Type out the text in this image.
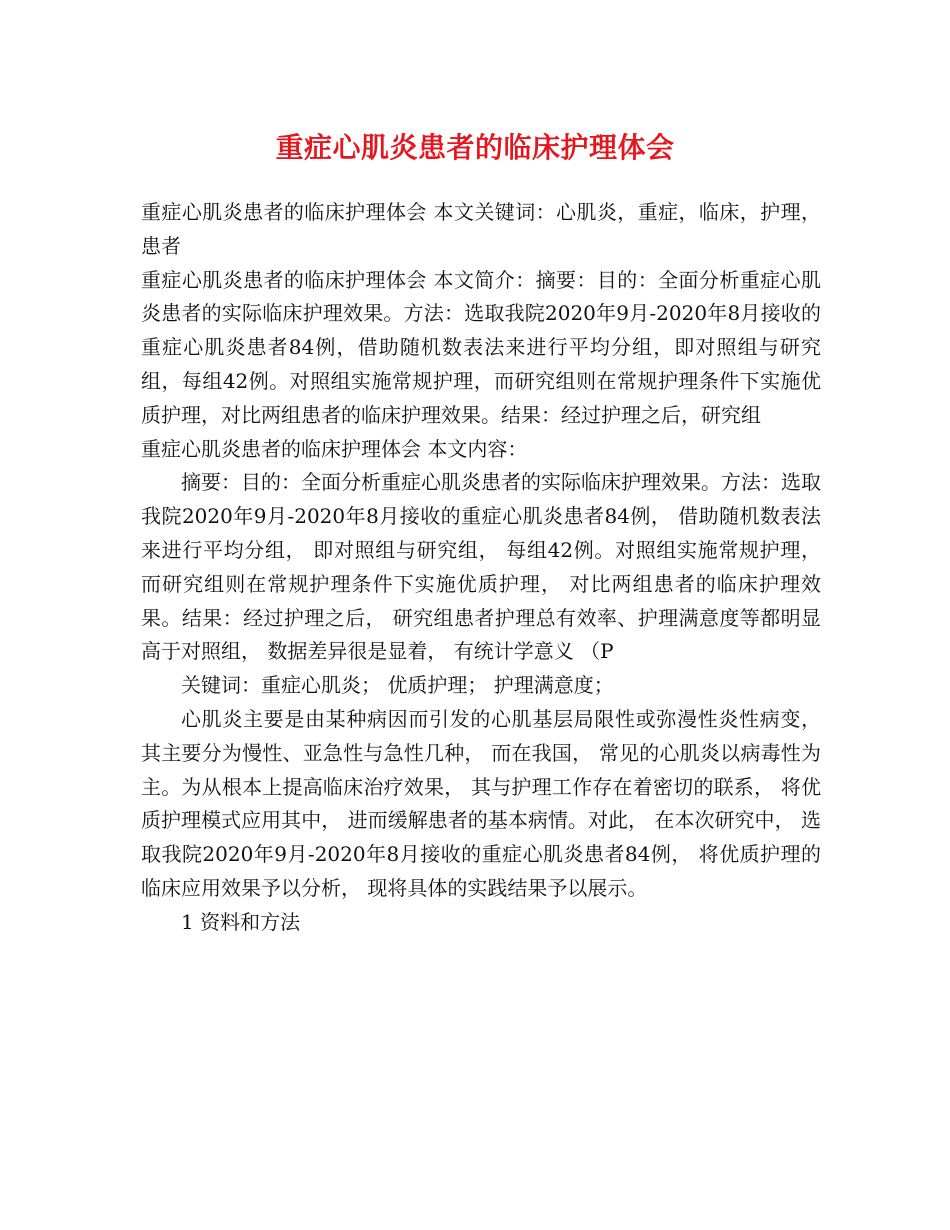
重症心肌炎患者的临床护理体会

重症心肌炎患者的临床护理体会 本文关键词：心肌炎，重症，临床，护理，患者

重症心肌炎患者的临床护理体会 本文简介：摘要：目的：全面分析重症心肌炎患者的实际临床护理效果。方法：选取我院2020年9月-2020年8月接收的重症心肌炎患者84例，借助随机数表法来进行平均分组，即对照组与研究组，每组42例。对照组实施常规护理，而研究组则在常规护理条件下实施优质护理，对比两组患者的临床护理效果。结果：经过护理之后，研究组

重症心肌炎患者的临床护理体会 本文内容：

摘要：目的：全面分析重症心肌炎患者的实际临床护理效果。方法：选取我院2020年9月-2020年8月接收的重症心肌炎患者84例， 借助随机数表法来进行平均分组， 即对照组与研究组， 每组42例。对照组实施常规护理， 而研究组则在常规护理条件下实施优质护理， 对比两组患者的临床护理效果。结果：经过护理之后， 研究组患者护理总有效率、护理满意度等都明显高于对照组， 数据差异很是显着， 有统计学意义 （P

关键词：重症心肌炎； 优质护理； 护理满意度；

心肌炎主要是由某种病因而引发的心肌基层局限性或弥漫性炎性病变， 其主要分为慢性、亚急性与急性几种， 而在我国， 常见的心肌炎以病毒性为主。为从根本上提高临床治疗效果， 其与护理工作存在着密切的联系， 将优质护理模式应用其中， 进而缓解患者的基本病情。对此， 在本次研究中， 选取我院2020年9月-2020年8月接收的重症心肌炎患者84例， 将优质护理的临床应用效果予以分析， 现将具体的实践结果予以展示。

1 资料和方法
